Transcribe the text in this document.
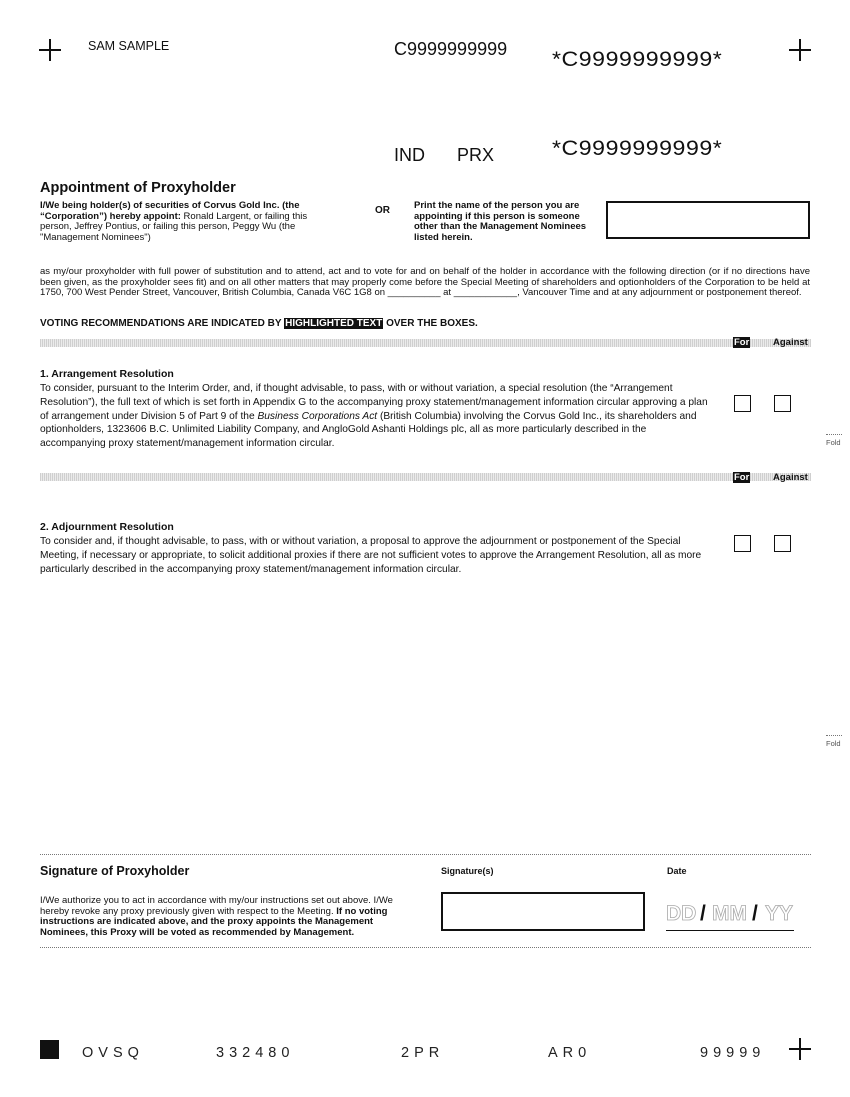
SAM SAMPLE	C9999999999 *C9999999999*
IND PRX	*C9999999999*
Appointment of Proxyholder
I/We being holder(s) of securities of Corvus Gold Inc. (the “Corporation”) hereby appoint: Ronald Largent, or failing this person, Jeffrey Pontius, or failing this person, Peggy Wu (the "Management Nominees")
OR	Print the name of the person you are appointing if this person is someone other than the Management Nominees listed herein.
as my/our proxyholder with full power of substitution and to attend, act and to vote for and on behalf of the holder in accordance with the following direction (or if no directions have been given, as the proxyholder sees fit) and on all other matters that may properly come before the Special Meeting of shareholders and optionholders of the Corporation to be held at 1750, 700 West Pender Street, Vancouver, British Columbia, Canada V6C 1G8 on __________ at ____________, Vancouver Time and at any adjournment or postponement thereof.
VOTING RECOMMENDATIONS ARE INDICATED BY HIGHLIGHTED TEXT OVER THE BOXES.
For Against
1. Arrangement Resolution
To consider, pursuant to the Interim Order, and, if thought advisable, to pass, with or without variation, a special resolution (the “Arrangement Resolution”), the full text of which is set forth in Appendix G to the accompanying proxy statement/management information circular approving a plan of arrangement under Division 5 of Part 9 of the Business Corporations Act (British Columbia) involving the Corvus Gold Inc., its shareholders and optionholders, 1323606 B.C. Unlimited Liability Company, and AngloGold Ashanti Holdings plc, all as more particularly described in the accompanying proxy statement/management information circular.
For Against
2. Adjournment Resolution
To consider and, if thought advisable, to pass, with or without variation, a proposal to approve the adjournment or postponement of the Special Meeting, if necessary or appropriate, to solicit additional proxies if there are not sufficient votes to approve the Arrangement Resolution, all as more particularly described in the accompanying proxy statement/management information circular.
Fold
Fold
Signature of Proxyholder
I/We authorize you to act in accordance with my/our instructions set out above. I/We hereby revoke any proxy previously given with respect to the Meeting. If no voting instructions are indicated above, and the proxy appoints the Management Nominees, this Proxy will be voted as recommended by Management.
Signature(s)	Date
DD / MM / YY
OVSQ	332480	2PR	AR0	99999
